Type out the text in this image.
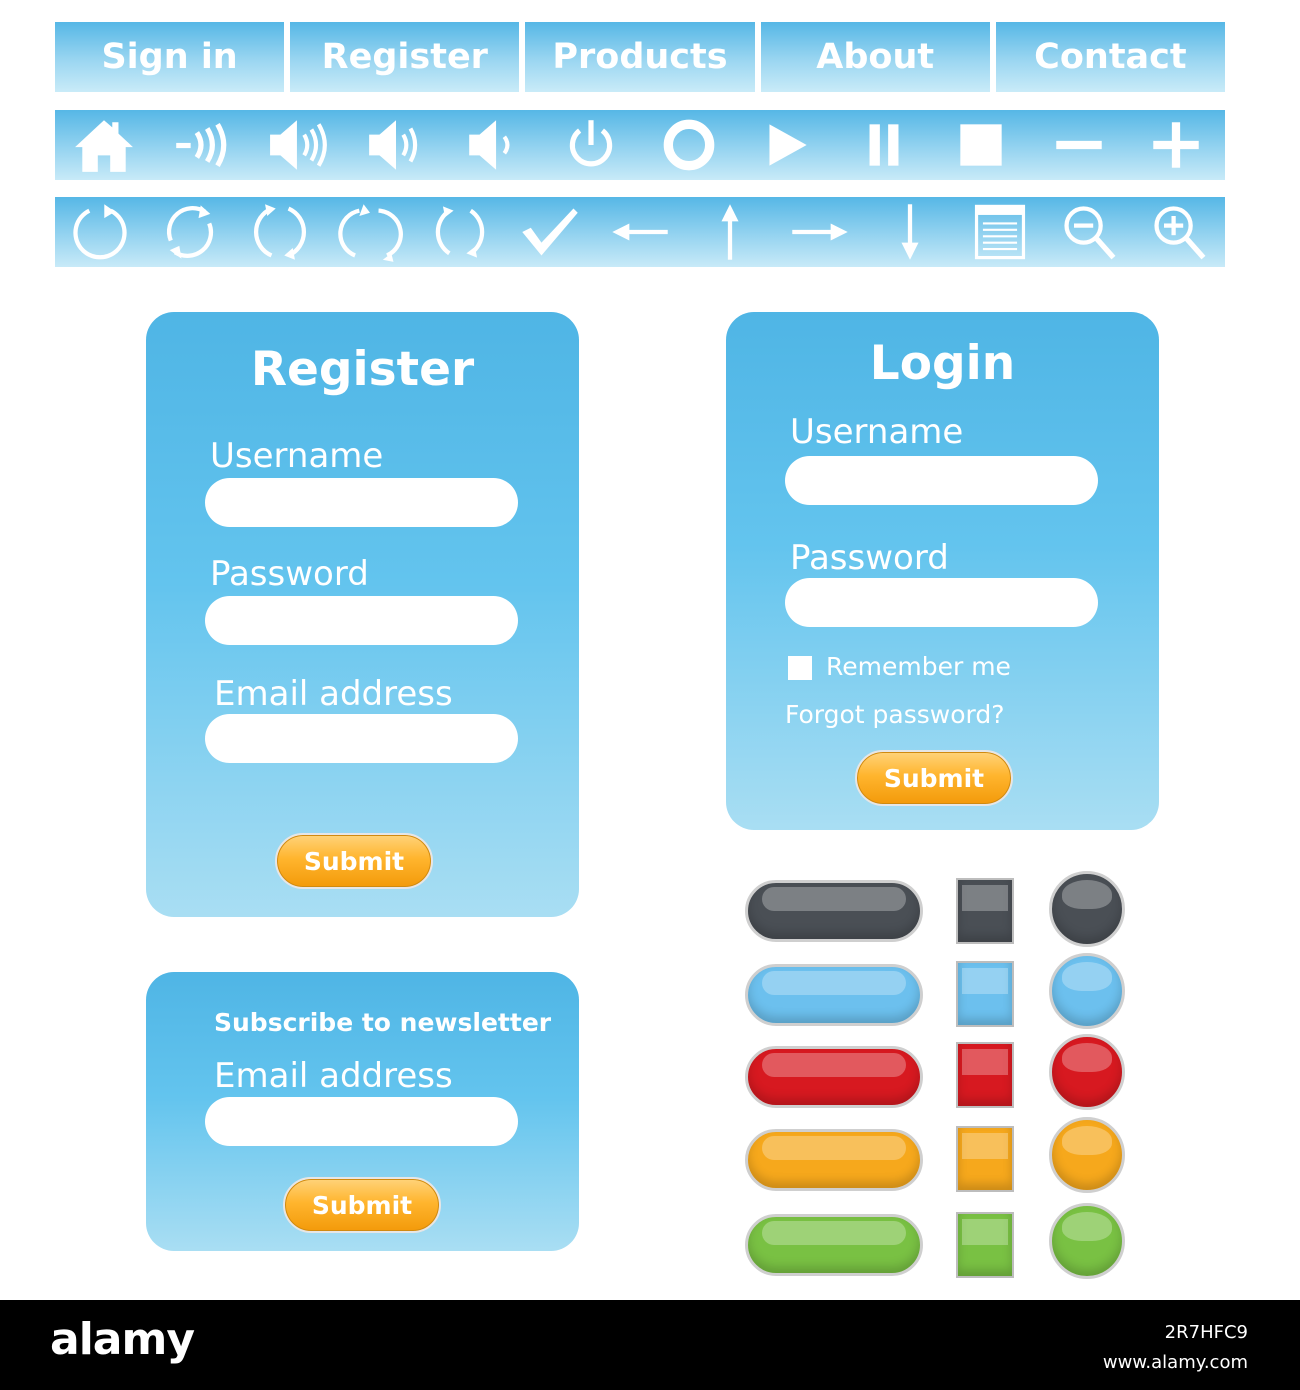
Sign in	Register	Products	About	Contact
Register
Username
Password
Email address
Submit
Login
Username
Password
Remember me
Forgot password?
Submit
Subscribe to newsletter
Email address
Submit
alamy	2R7HFC9
www.alamy.com
